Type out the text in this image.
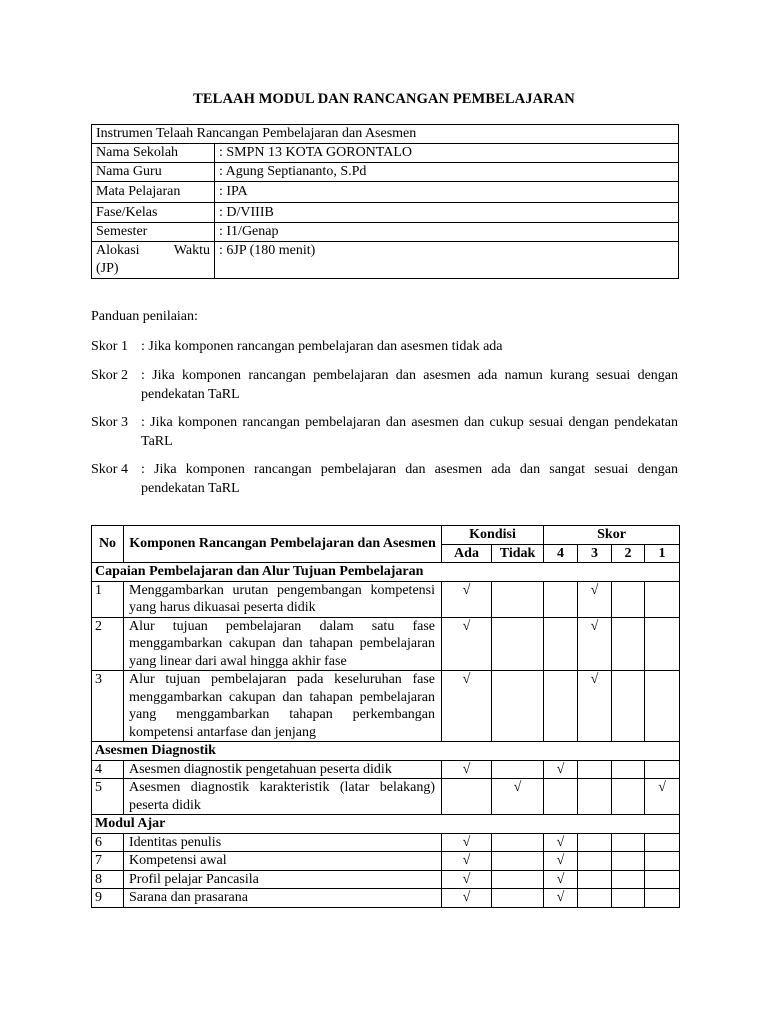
TELAAH MODUL DAN RANCANGAN PEMBELAJARAN
Instrumen Telaah Rancangan Pembelajaran dan Asesmen	
Nama Sekolah	: SMPN 13 KOTA GORONTALO
Nama Guru	: Agung Septiananto, S.Pd
Mata Pelajaran	: IPA
Fase/Kelas	: D/VIIIB
Semester	: I1/Genap

Alokasi Waktu
(JP)	: 6JP (180 menit)
Panduan penilaian:
Skor 1 : Jika komponen rancangan pembelajaran dan asesmen tidak ada
Skor 2 : Jika komponen rancangan pembelajaran dan asesmen ada namun kurang sesuai dengan pendekatan TaRL
Skor 3 : Jika komponen rancangan pembelajaran dan asesmen dan cukup sesuai dengan pendekatan TaRL
Skor 4 : Jika komponen rancangan pembelajaran dan asesmen ada dan sangat sesuai dengan pendekatan TaRL
No	Komponen Rancangan Pembelajaran dan Asesmen	Kondisi		Skor			
		Ada	Tidak	4	3	2	1
Capaian Pembelajaran dan Alur Tujuan Pembelajaran							
1	Menggambarkan urutan pengembangan kompetensi yang harus dikuasai peserta didik	√			√		
2	Alur tujuan pembelajaran dalam satu fase menggambarkan cakupan dan tahapan pembelajaran yang linear dari awal hingga akhir fase	√			√		
3	Alur tujuan pembelajaran pada keseluruhan fase menggambarkan cakupan dan tahapan pembelajaran yang menggambarkan tahapan perkembangan kompetensi antarfase dan jenjang	√			√		
Asesmen Diagnostik							
4	Asesmen diagnostik pengetahuan peserta didik	√		√			
5	Asesmen diagnostik karakteristik (latar belakang) peserta didik		√				√
Modul Ajar							
6	Identitas penulis	√		√			
7	Kompetensi awal	√		√			
8	Profil pelajar Pancasila	√		√			
9	Sarana dan prasarana	√		√			
